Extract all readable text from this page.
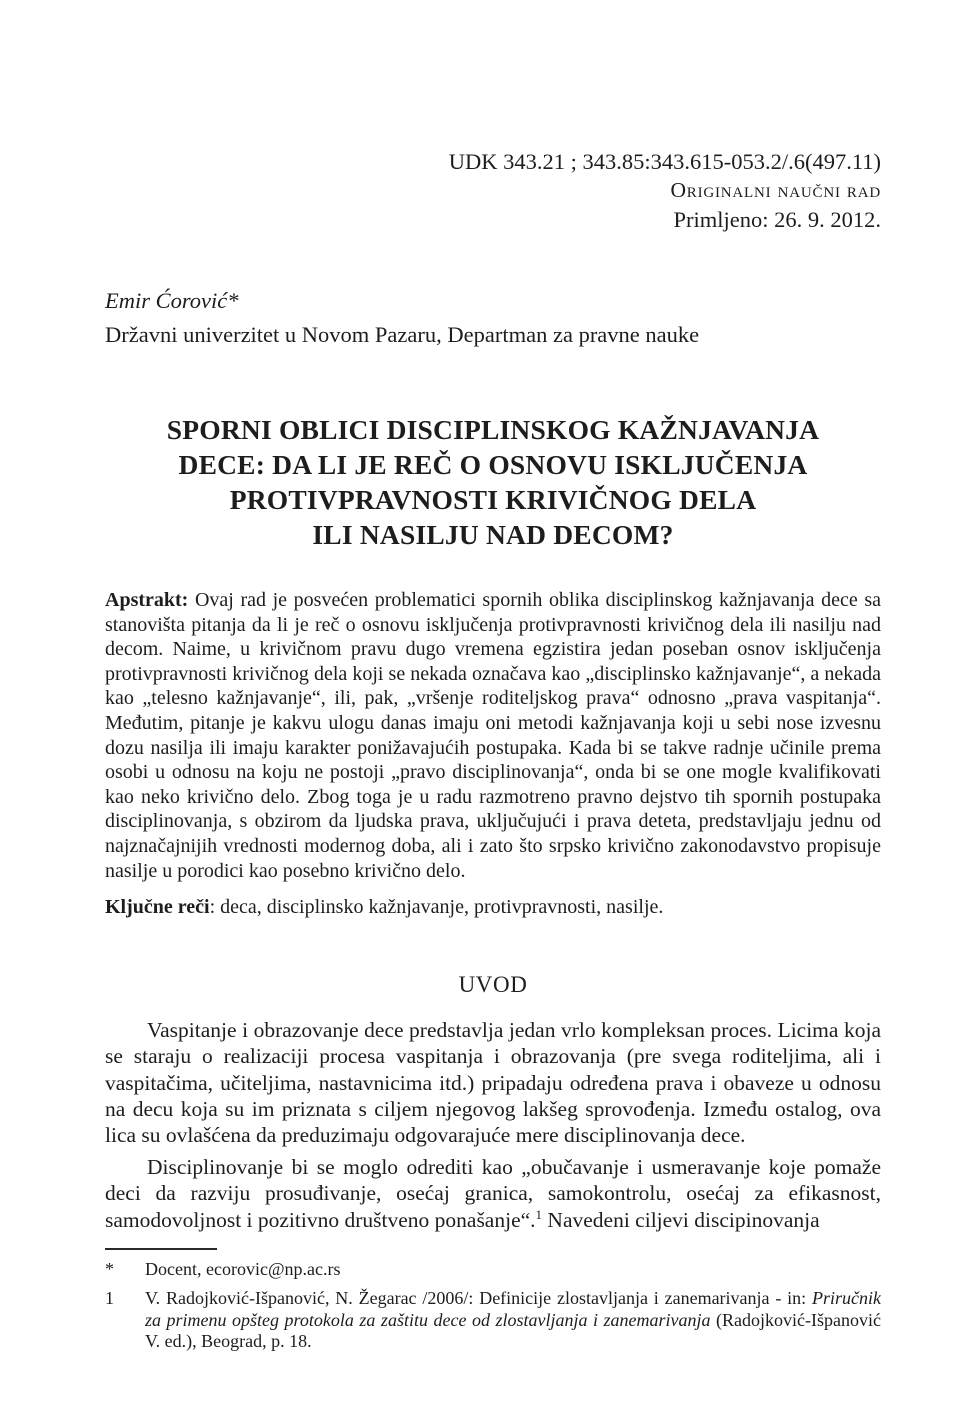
UDK 343.21 ; 343.85:343.615-053.2/.6(497.11)
Originalni naučni rad
Primljeno: 26. 9. 2012.
Emir Ćorović*
Državni univerzitet u Novom Pazaru, Departman za pravne nauke
SPORNI OBLICI DISCIPLINSKOG KAŽNJAVANJA
DECE: DA LI JE REČ O OSNOVU ISKLJUČENJA
PROTIVPRAVNOSTI KRIVIČNOG DELA
ILI NASILJU NAD DECOM?

Apstrakt: Ovaj rad je posvećen problematici spornih oblika disciplinskog kažnjavanja dece sa stanovišta pitanja da li je reč o osnovu isključenja protivpravnosti krivičnog dela ili nasilju nad decom. Naime, u krivičnom pravu dugo vremena egzistira jedan poseban osnov isključenja protivpravnosti krivičnog dela koji se nekada označava kao „disciplinsko kažnjavanje“, a nekada kao „telesno kažnjavanje“, ili, pak, „vršenje roditeljskog prava“ odnosno „prava vaspitanja“. Međutim, pitanje je kakvu ulogu danas imaju oni metodi kažnjavanja koji u sebi nose izvesnu dozu nasilja ili imaju karakter ponižavajućih postupaka. Kada bi se takve radnje učinile prema osobi u odnosu na koju ne postoji „pravo disciplinovanja“, onda bi se one mogle kvalifikovati kao neko krivično delo. Zbog toga je u radu razmotreno pravno dejstvo tih spornih postupaka disciplinovanja, s obzirom da ljudska prava, uključujući i prava deteta, predstavljaju jednu od najznačajnijih vrednosti modernog doba, ali i zato što srpsko krivično zakonodavstvo propisuje nasilje u porodici kao posebno krivično delo.

Ključne reči: deca, disciplinsko kažnjavanje, protivpravnosti, nasilje.

UVOD

Vaspitanje i obrazovanje dece predstavlja jedan vrlo kompleksan proces. Licima koja se staraju o realizaciji procesa vaspitanja i obrazovanja (pre svega roditeljima, ali i vaspitačima, učiteljima, nastavnicima itd.) pripadaju određena prava i obaveze u odnosu na decu koja su im priznata s ciljem njegovog lakšeg sprovođenja. Između ostalog, ova lica su ovlašćena da preduzimaju odgovarajuće mere disciplinovanja dece.

Disciplinovanje bi se moglo odrediti kao „obučavanje i usmeravanje koje pomaže deci da razviju prosuđivanje, osećaj granica, samokontrolu, osećaj za efikasnost, samodovoljnost i pozitivno društveno ponašanje“.$^1$ Navedeni ciljevi discipinovanja

*	Docent, ecorovic@np.ac.rs
1	V. Radojković-Išpanović, N. Žegarac /2006/: Definicije zlostavljanja i zanemarivanja - in: Priručnik za primenu opšteg protokola za zaštitu dece od zlostavljanja i zanemarivanja (Radojković-Išpanović V. ed.), Beograd, p. 18.
